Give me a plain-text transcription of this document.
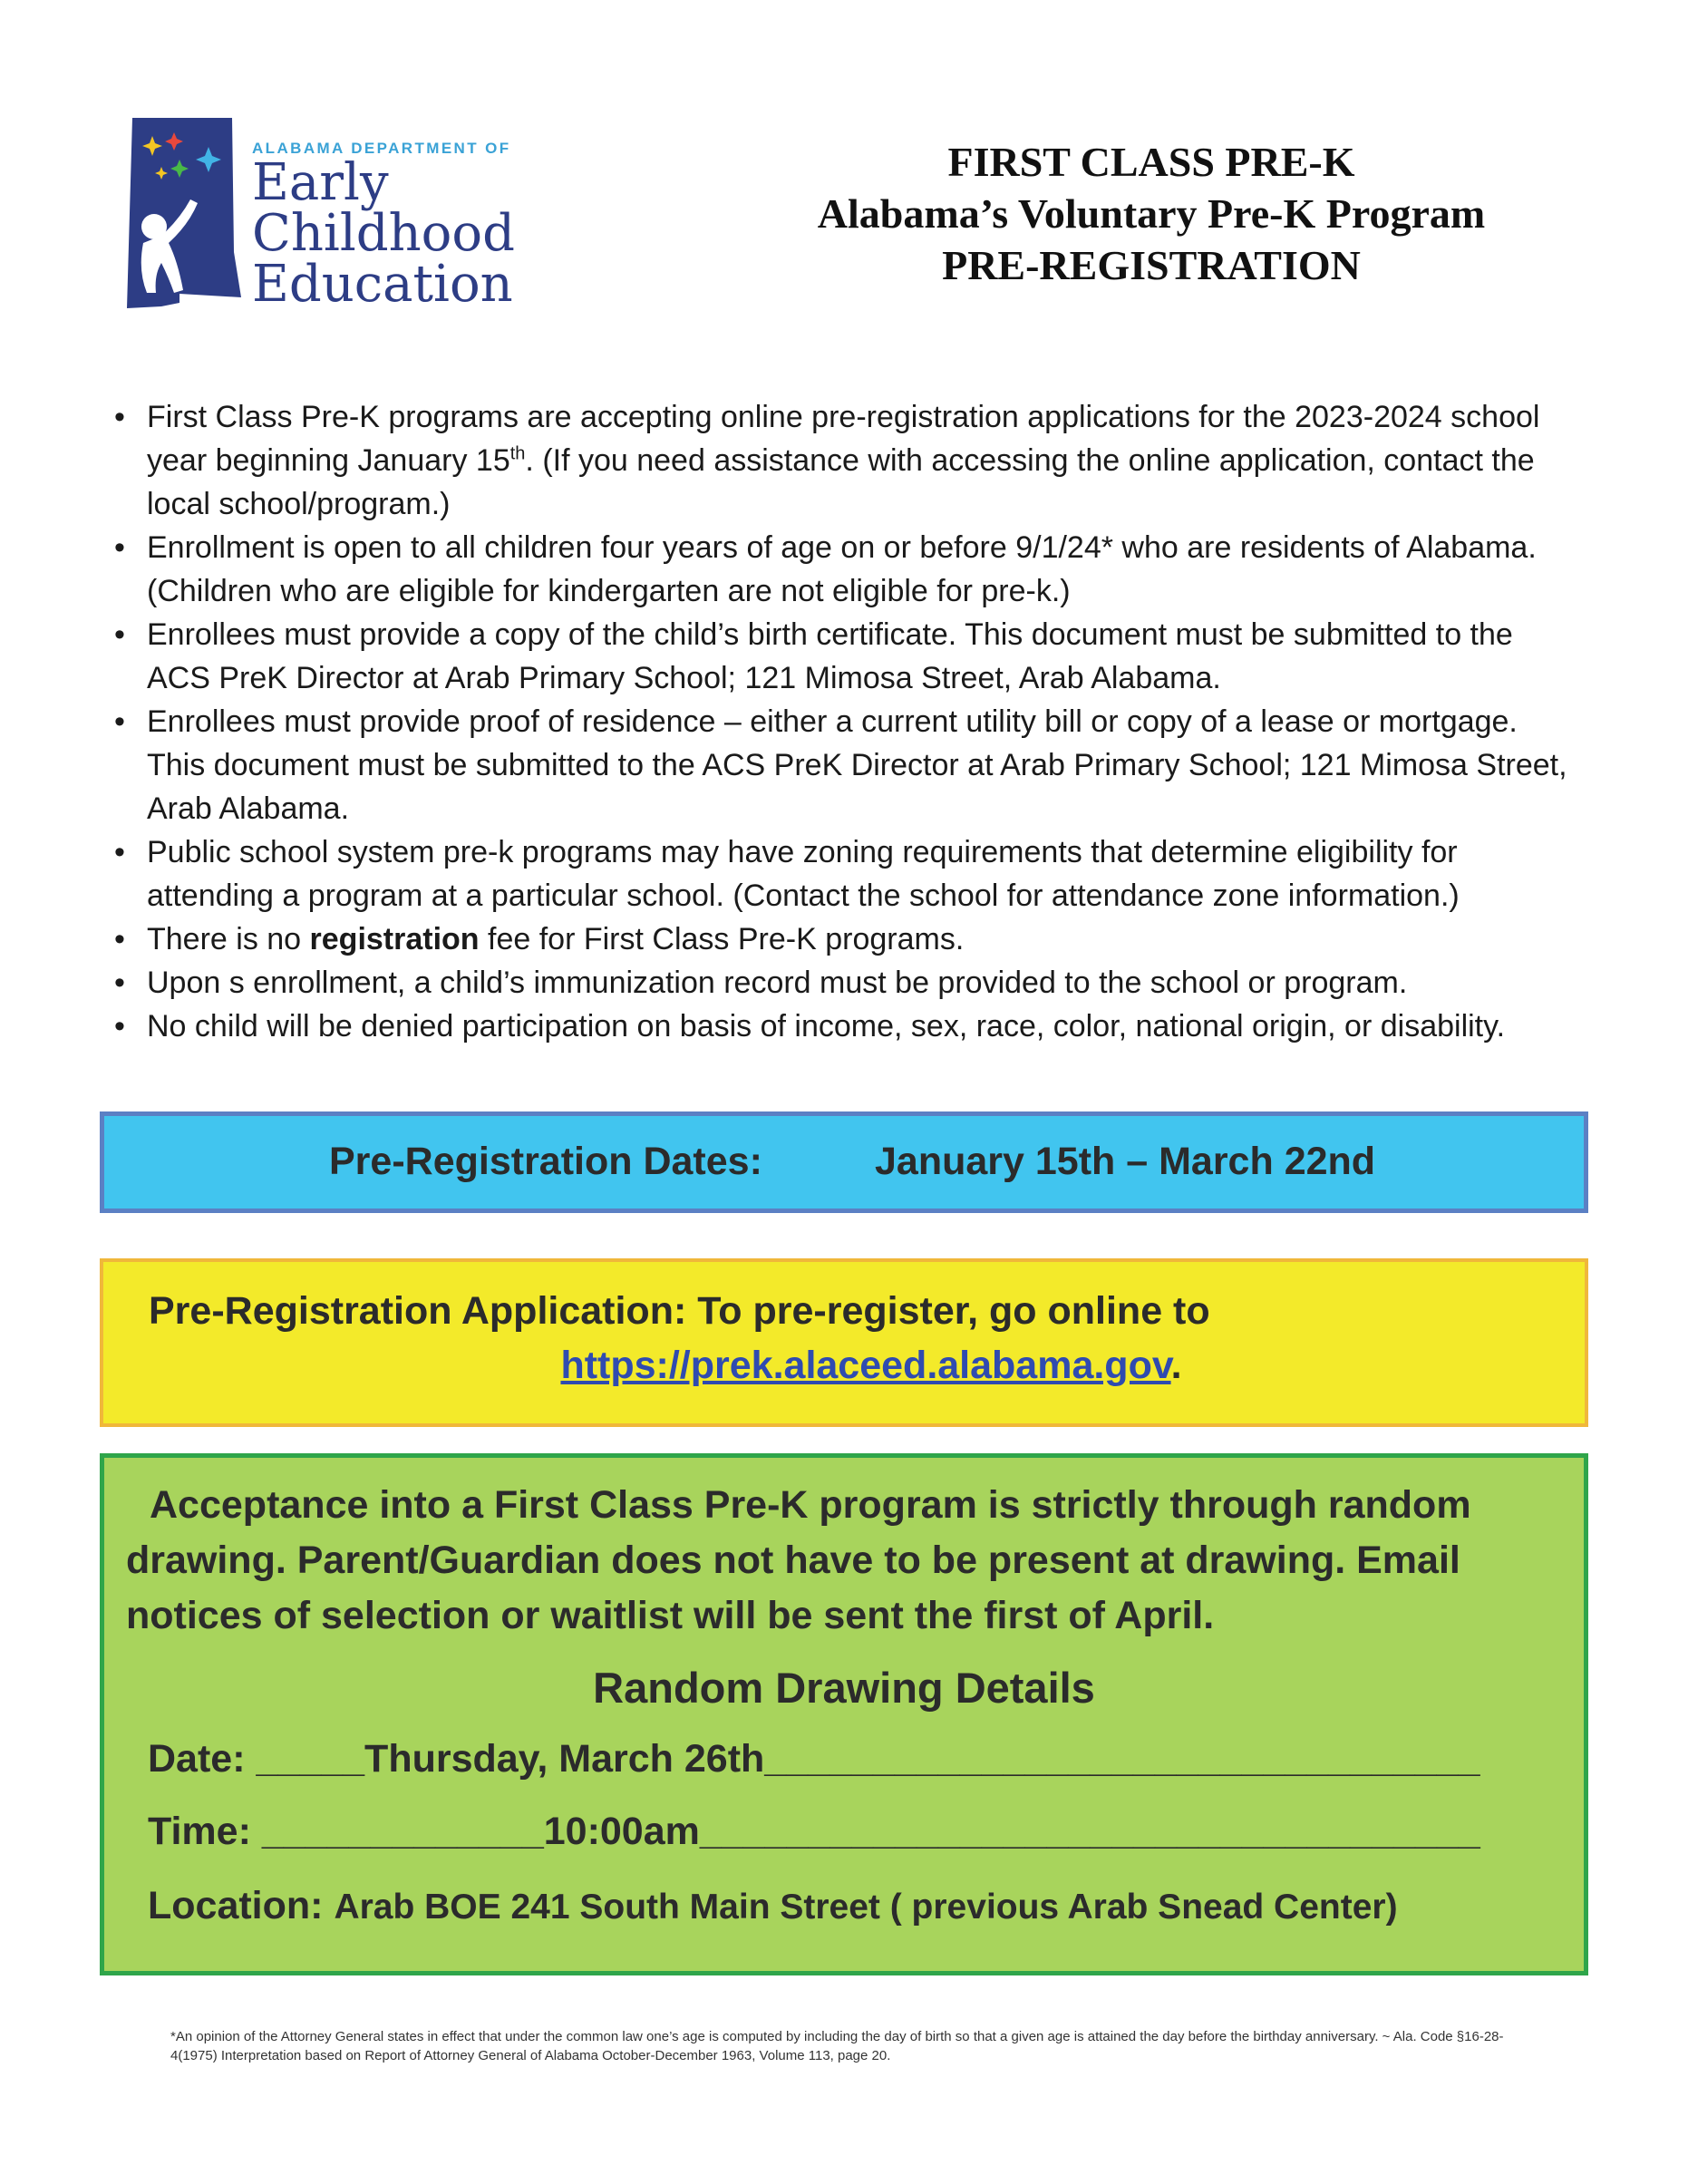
ALABAMA DEPARTMENT OF
Early Childhood
Education
FIRST CLASS PRE-K
Alabama’s Voluntary Pre-K Program
PRE-REGISTRATION
• First Class Pre-K programs are accepting online pre-registration applications for the 2023-2024 school year beginning January 15th. (If you need assistance with accessing the online application, contact the local school/program.)
• Enrollment is open to all children four years of age on or before 9/1/24* who are residents of Alabama. (Children who are eligible for kindergarten are not eligible for pre-k.)
• Enrollees must provide a copy of the child’s birth certificate. This document must be submitted to the ACS PreK Director at Arab Primary School; 121 Mimosa Street, Arab Alabama.
• Enrollees must provide proof of residence – either a current utility bill or copy of a lease or mortgage. This document must be submitted to the ACS PreK Director at Arab Primary School; 121 Mimosa Street, Arab Alabama.
• Public school system pre-k programs may have zoning requirements that determine eligibility for attending a program at a particular school. (Contact the school for attendance zone information.)
• There is no registration fee for First Class Pre-K programs.
• Upon s enrollment, a child’s immunization record must be provided to the school or program.
• No child will be denied participation on basis of income, sex, race, color, national origin, or disability.
Pre-Registration Dates:	January 15th – March 22nd
Pre-Registration Application: To pre-register, go online to
https://prek.alaceed.alabama.gov.
Acceptance into a First Class Pre-K program is strictly through random drawing. Parent/Guardian does not have to be present at drawing. Email notices of selection or waitlist will be sent the first of April.
Random Drawing Details
Date: _____Thursday, March 26th_________________________________
Time: _____________10:00am____________________________________
Location: Arab BOE 241 South Main Street ( previous Arab Snead Center)
*An opinion of the Attorney General states in effect that under the common law one’s age is computed by including the day of birth so that a given age is attained the day before the birthday anniversary. ~ Ala. Code §16-28-4(1975) Interpretation based on Report of Attorney General of Alabama October-December 1963, Volume 113, page 20.
